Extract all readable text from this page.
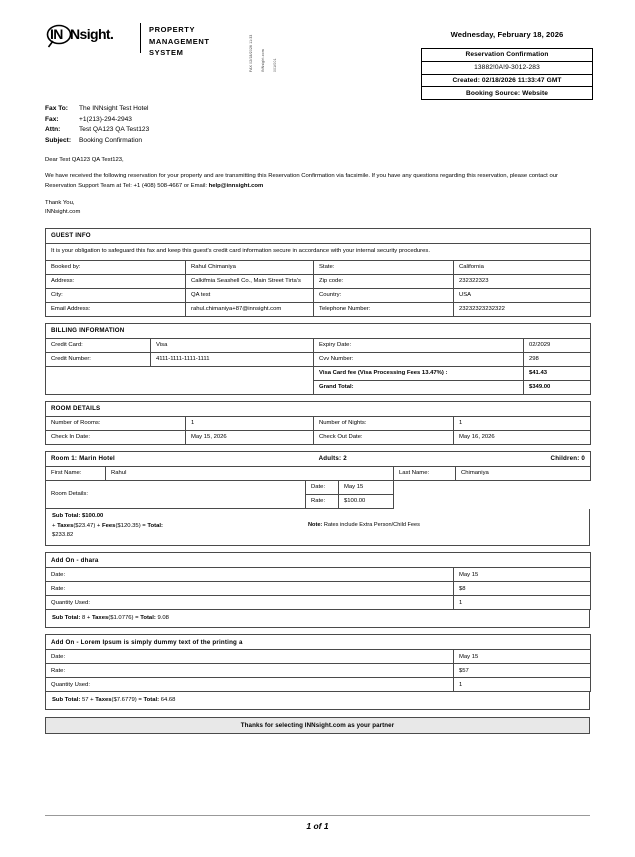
IN Nsight.	PROPERTY
MANAGEMENT
SYSTEM	FAX 02/18/2026 11:33 INNsight.com 001/001
Wednesday, February 18, 2026
Reservation Confirmation
13882!0A!9-3012-283
Created: 02/18/2026 11:33:47 GMT
Booking Source: Website
Fax To:	The INNsight Test Hotel
Fax:	+1(213)-294-2943
Attn:	Test QA123 QA Test123
Subject:	Booking Confirmation
Dear Test QA123 QA Test123,
We have received the following reservation for your property and are transmitting this Reservation Confirmation via facsimile. If you have any questions regarding this reservation, please contact our Reservation Support Team at Tel: +1 (408) 508-4667 or Email: help@innsight.com
Thank You,
INNsight.com
GUEST INFO			
It is your obligation to safeguard this fax and keep this guest's credit card information secure in accordance with your internal security procedures.			
Booked by:	Rahul Chimaniya	State:	California
Address:	Calkifmia Seashell Co., Main Street Tirtaʼs	Zip code:	232322323
City:	QA test	Country:	USA
Email Address:	rahul.chimaniya+87@innsight.com	Telephone Number:	23232323232322
BILLING INFORMATION			
Credit Card:	Visa	Expiry Date:	02/2029
Credit Number:	4111-1111-1111-1111	Cvv Number:	298
		Visa Card fee (Visa Processing Fees 13.47%) :	$41.43
		Grand Total:	$349.00
ROOM DETAILS			
Number of Rooms:	1	Number of Nights:	1
Check In Date:	May 15, 2026	Check Out Date:	May 16, 2026
Room 1: Marin Hotel Adults: 2 Children: 0					

First Name:	Rahul			Last Name:	Chimaniya
Room Details:		Date:	May 15		
		Rate:	$100.00		
Sub Total: $100.00
+ Taxes($23.47) + Fees($120.35) = Total:
$233.82
Note: Rates include Extra Person/Child Fees
Add On - dhara	
Date:	May 15
Rate:	$8
Quantity Used:	1
Sub Total: 8 + Taxes($1.0776) = Total: 9.08
Add On - Lorem Ipsum is simply dummy text of the printing a	
Date:	May 15
Rate:	$57
Quantity Used:	1
Sub Total: 57 + Taxes($7.6779) = Total: 64.68
Thanks for selecting INNsight.com as your partner
1 of 1
